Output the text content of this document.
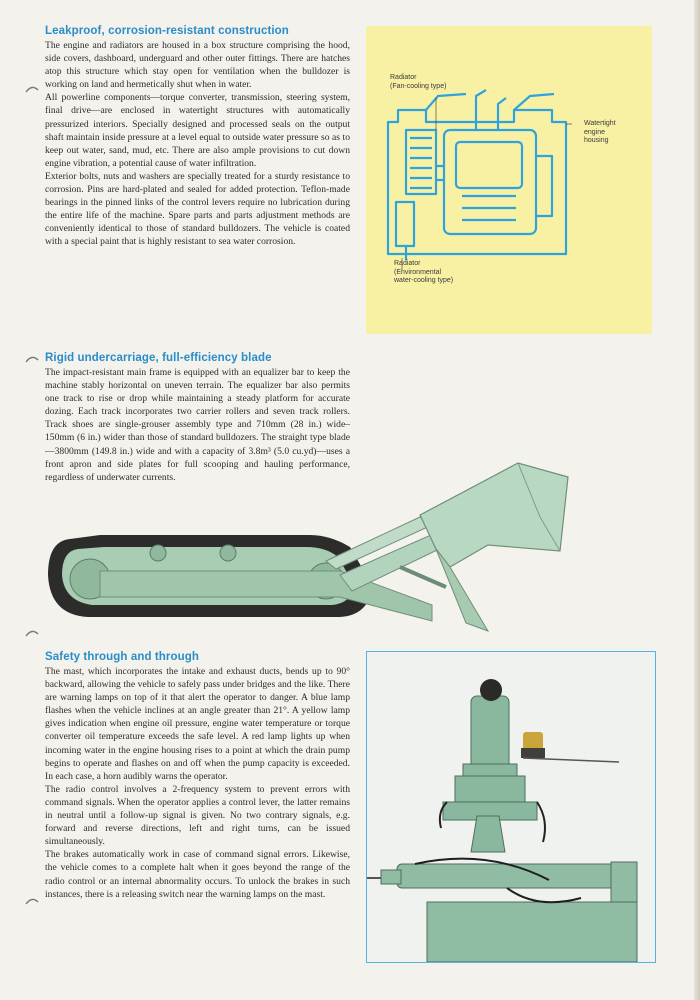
Leakproof, corrosion-resistant construction

The engine and radiators are housed in a box structure comprising the hood, side covers, dashboard, underguard and other outer fittings. There are hatches atop this structure which stay open for ventilation when the bulldozer is working on land and hermetically shut when in water.

All powerline components—torque converter, transmission, steering system, final drive—are enclosed in watertight structures with automatically pressurized interiors. Specially designed and processed seals on the output shaft maintain inside pressure at a level equal to outside water pressure so as to keep out water, sand, mud, etc. There are also ample provisions to cut down engine vibration, a potential cause of water infiltration.

Exterior bolts, nuts and washers are specially treated for a sturdy resistance to corrosion. Pins are hard-plated and sealed for added protection. Teflon-made bearings in the pinned links of the control levers require no lubrication during the entire life of the machine. Spare parts and parts adjustment methods are conveniently identical to those of standard bulldozers. The vehicle is coated with a special paint that is highly resistant to sea water corrosion.

Radiator
(Fan-cooling type)
Watertight
engine
housing
Radiator
(Environmental
water-cooling type)
Rigid undercarriage, full-efficiency blade

The impact-resistant main frame is equipped with an equalizer bar to keep the machine stably horizontal on uneven terrain. The equalizer bar also permits one track to rise or drop while maintaining a steady platform for accurate dozing. Each track incorporates two carrier rollers and seven track rollers. Track shoes are single-grouser assembly type and 710mm (28 in.) wide–150mm (6 in.) wider than those of standard bulldozers. The straight type blade—3800mm (149.8 in.) wide and with a capacity of 3.8m³ (5.0 cu.yd)—uses a front apron and side plates for full scooping and hauling performance, regardless of underwater currents.

Safety through and through

The mast, which incorporates the intake and exhaust ducts, bends up to 90° backward, allowing the vehicle to safely pass under bridges and the like. There are warning lamps on top of it that alert the operator to danger. A blue lamp flashes when the vehicle inclines at an angle greater than 21°. A yellow lamp gives indication when engine oil pressure, engine water temperature or torque converter oil temperature exceeds the safe level. A red lamp lights up when incoming water in the engine housing rises to a point at which the drain pump begins to operate and flashes on and off when the pump capacity is exceeded. In each case, a horn audibly warns the operator.

The radio control involves a 2-frequency system to prevent errors with command signals. When the operator applies a control lever, the latter remains in neutral until a follow-up signal is given. No two contrary signals, e.g. forward and reverse directions, left and right turns, can be issued simultaneously.

The brakes automatically work in case of command signal errors. Likewise, the vehicle comes to a complete halt when it goes beyond the range of the radio control or an internal abnormality occurs. To unlock the brakes in such instances, there is a releasing switch near the warning lamps on the mast.
